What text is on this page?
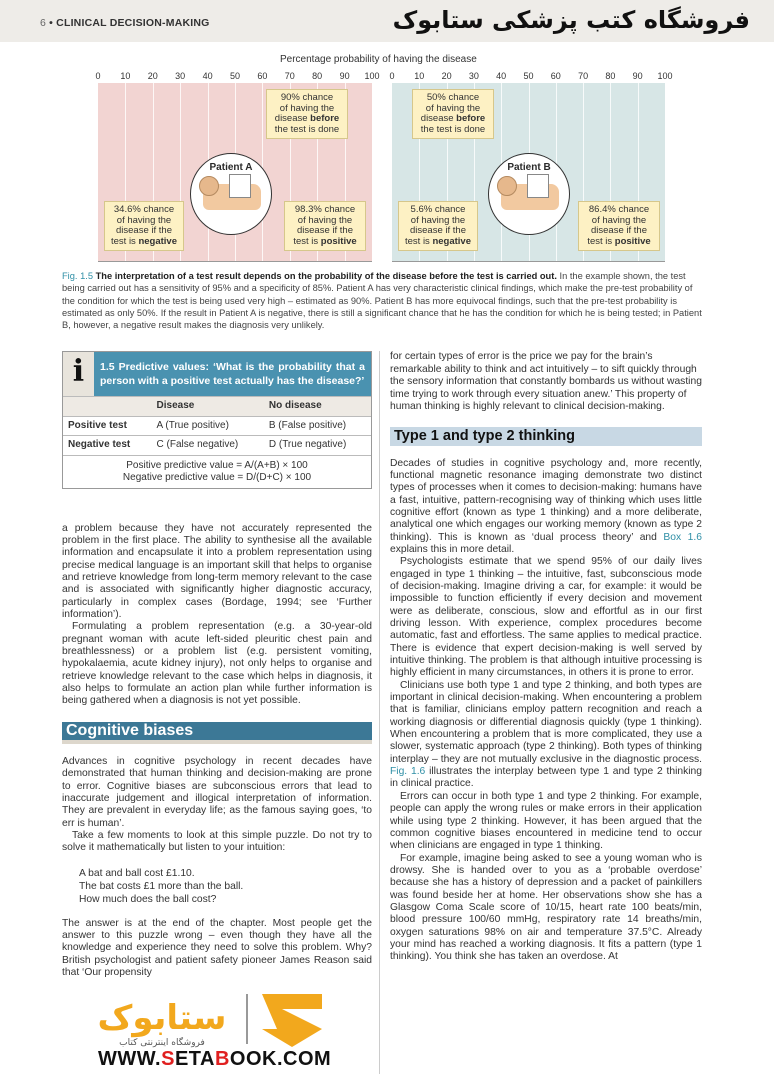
6 • CLINICAL DECISION-MAKING	فروشگاه کتب پزشکی ستابوک
Percentage probability of having the disease
0 10 20 30 40 50 60 70 80 90 100 0 10 20 30 40 50 60 70 80 90 100
90% chance
of having the
disease before
the test is done
Patient A
34.6% chance
of having the
disease if the
test is negative
98.3% chance
of having the
disease if the
test is positive
50% chance
of having the
disease before
the test is done
Patient B
5.6% chance
of having the
disease if the
test is negative
86.4% chance
of having the
disease if the
test is positive
Fig. 1.5 The interpretation of a test result depends on the probability of the disease before the test is carried out. In the example shown, the test being carried out has a sensitivity of 95% and a specificity of 85%. Patient A has very characteristic clinical findings, which make the pre-test probability of the condition for which the test is being used very high – estimated as 90%. Patient B has more equivocal findings, such that the pre-test probability is estimated as only 50%. If the result in Patient A is negative, there is still a significant chance that he has the condition for which he is being tested; in Patient B, however, a negative result makes the diagnosis very unlikely.
i	1.5 Predictive values: ‘What is the probability that a person with a positive test actually has the disease?’
	Disease	No disease
Positive test	A (True positive)	B (False positive)
Negative test	C (False negative)	D (True negative)
Positive predictive value = A/(A+B) × 100
Negative predictive value = D/(D+C) × 100

a problem because they have not accurately represented the problem in the first place. The ability to synthesise all the available information and encapsulate it into a problem representation using precise medical language is an important skill that helps to organise and retrieve knowledge from long-term memory relevant to the case and is associated with significantly higher diagnostic accuracy, particularly in complex cases (Bordage, 1994; see ‘Further information’).

Formulating a problem representation (e.g. a 30-year-old pregnant woman with acute left-sided pleuritic chest pain and breathlessness) or a problem list (e.g. persistent vomiting, hypokalaemia, acute kidney injury), not only helps to organise and retrieve knowledge relevant to the case which helps in diagnosis, it also helps to formulate an action plan while further information is being gathered when a diagnosis is not yet possible.

Cognitive biases

Advances in cognitive psychology in recent decades have demonstrated that human thinking and decision-making are prone to error. Cognitive biases are subconscious errors that lead to inaccurate judgement and illogical interpretation of information. They are prevalent in everyday life; as the famous saying goes, ‘to err is human’.

Take a few moments to look at this simple puzzle. Do not try to solve it mathematically but listen to your intuition:

A bat and ball cost £1.10.
The bat costs £1 more than the ball.
How much does the ball cost?

The answer is at the end of the chapter. Most people get the answer to this puzzle wrong – even though they have all the knowledge and experience they need to solve this problem. Why? British psychologist and patient safety pioneer James Reason said that ‘Our propensity

ستابوک
فروشگاه اینترنتی کتاب
WWW.SETABOOK.COM

for certain types of error is the price we pay for the brain’s remarkable ability to think and act intuitively – to sift quickly through the sensory information that constantly bombards us without wasting time trying to work through every situation anew.’ This property of human thinking is highly relevant to clinical decision-making.

Type 1 and type 2 thinking

Decades of studies in cognitive psychology and, more recently, functional magnetic resonance imaging demonstrate two distinct types of processes when it comes to decision-making: humans have a fast, intuitive, pattern-recognising way of thinking which uses little cognitive effort (known as type 1 thinking) and a more deliberate, analytical one which engages our working memory (known as type 2 thinking). This is known as ‘dual process theory’ and Box 1.6 explains this in more detail.

Psychologists estimate that we spend 95% of our daily lives engaged in type 1 thinking – the intuitive, fast, subconscious mode of decision-making. Imagine driving a car, for example: it would be impossible to function efficiently if every decision and movement were as deliberate, conscious, slow and effortful as in our first driving lesson. With experience, complex procedures become automatic, fast and effortless. The same applies to medical practice. There is evidence that expert decision-making is well served by intuitive thinking. The problem is that although intuitive processing is highly efficient in many circumstances, in others it is prone to error.

Clinicians use both type 1 and type 2 thinking, and both types are important in clinical decision-making. When encountering a problem that is familiar, clinicians employ pattern recognition and reach a working diagnosis or differential diagnosis quickly (type 1 thinking). When encountering a problem that is more complicated, they use a slower, systematic approach (type 2 thinking). Both types of thinking interplay – they are not mutually exclusive in the diagnostic process. Fig. 1.6 illustrates the interplay between type 1 and type 2 thinking in clinical practice.

Errors can occur in both type 1 and type 2 thinking. For example, people can apply the wrong rules or make errors in their application while using type 2 thinking. However, it has been argued that the common cognitive biases encountered in medicine tend to occur when clinicians are engaged in type 1 thinking.

For example, imagine being asked to see a young woman who is drowsy. She is handed over to you as a ‘probable overdose’ because she has a history of depression and a packet of painkillers was found beside her at home. Her observations show she has a Glasgow Coma Scale score of 10/15, heart rate 100 beats/min, blood pressure 100/60 mmHg, respiratory rate 14 breaths/min, oxygen saturations 98% on air and temperature 37.5°C. Already your mind has reached a working diagnosis. It fits a pattern (type 1 thinking). You think she has taken an overdose. At
